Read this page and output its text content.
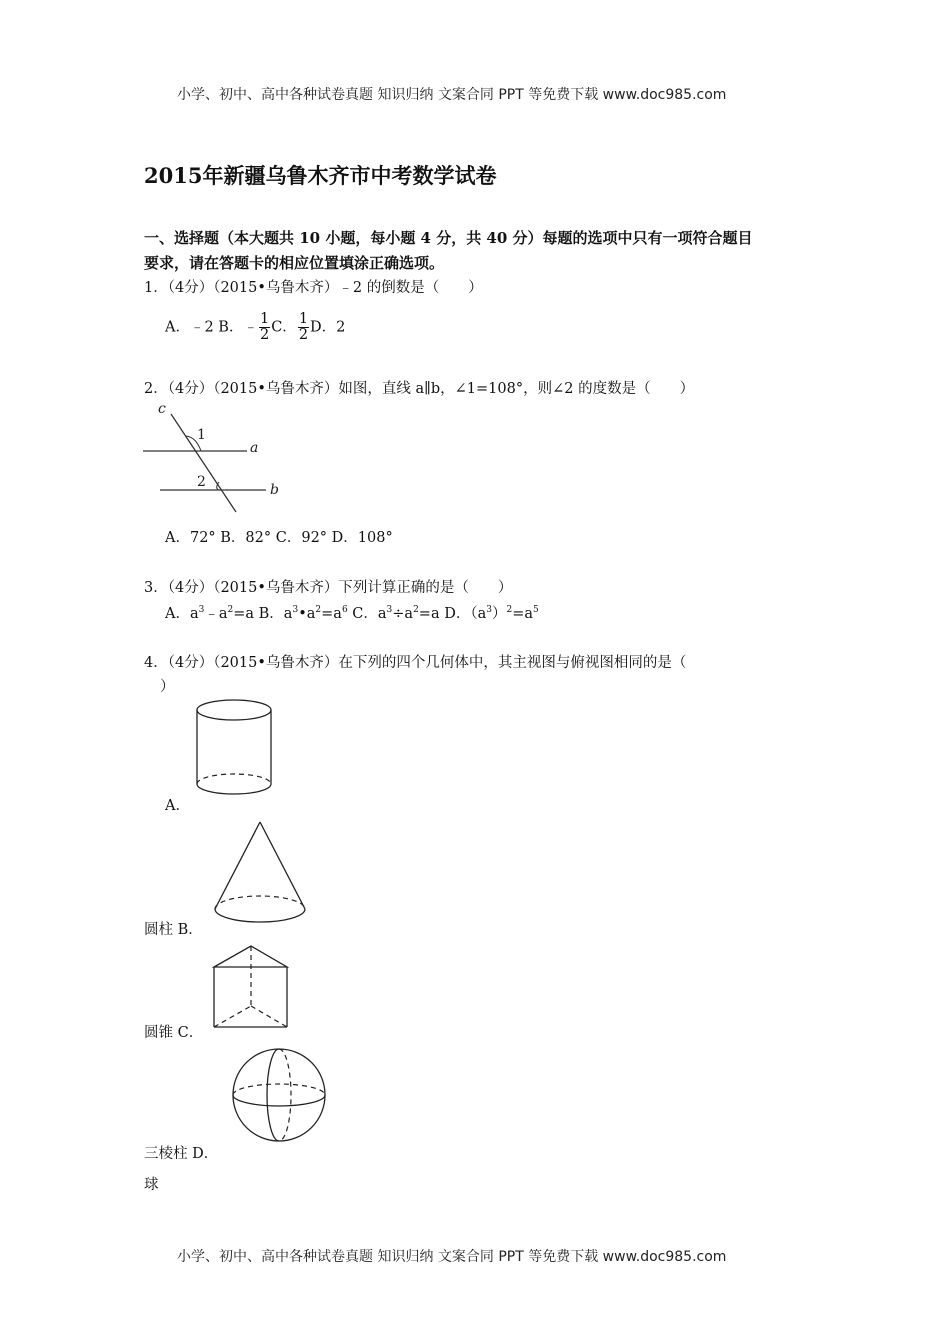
小学、初中、高中各种试卷真题 知识归纳 文案合同 PPT 等免费下载 www.doc985.com
2015年新疆乌鲁木齐市中考数学试卷
一、选择题（本大题共 10 小题，每小题 4 分，共 40 分）每题的选项中只有一项符合题目
要求，请在答题卡的相应位置填涂正确选项。
1．（4分）（2015•乌鲁木齐）﹣2 的倒数是（　　）
A．﹣2 B．﹣ $\frac{1}{2}$ C． $\frac{1}{2}$ D．2
2．（4分）（2015•乌鲁木齐）如图，直线 a∥b，∠1=108°，则∠2 的度数是（　　）
c
a
b
1
2
A．72° B．82° C．92° D．108°
3．（4分）（2015•乌鲁木齐）下列计算正确的是（　　）
A．$a^3﹣a^2=a$ B．$a^3•a^2=a^6$ C．$a^3\div a^2=a$ D．$(a^3)^2=a^5$
4．（4分）（2015•乌鲁木齐）在下列的四个几何体中，其主视图与俯视图相同的是（
）
A．
圆柱 B．
圆锥 C．
三棱柱 D．
球
小学、初中、高中各种试卷真题 知识归纳 文案合同 PPT 等免费下载 www.doc985.com
